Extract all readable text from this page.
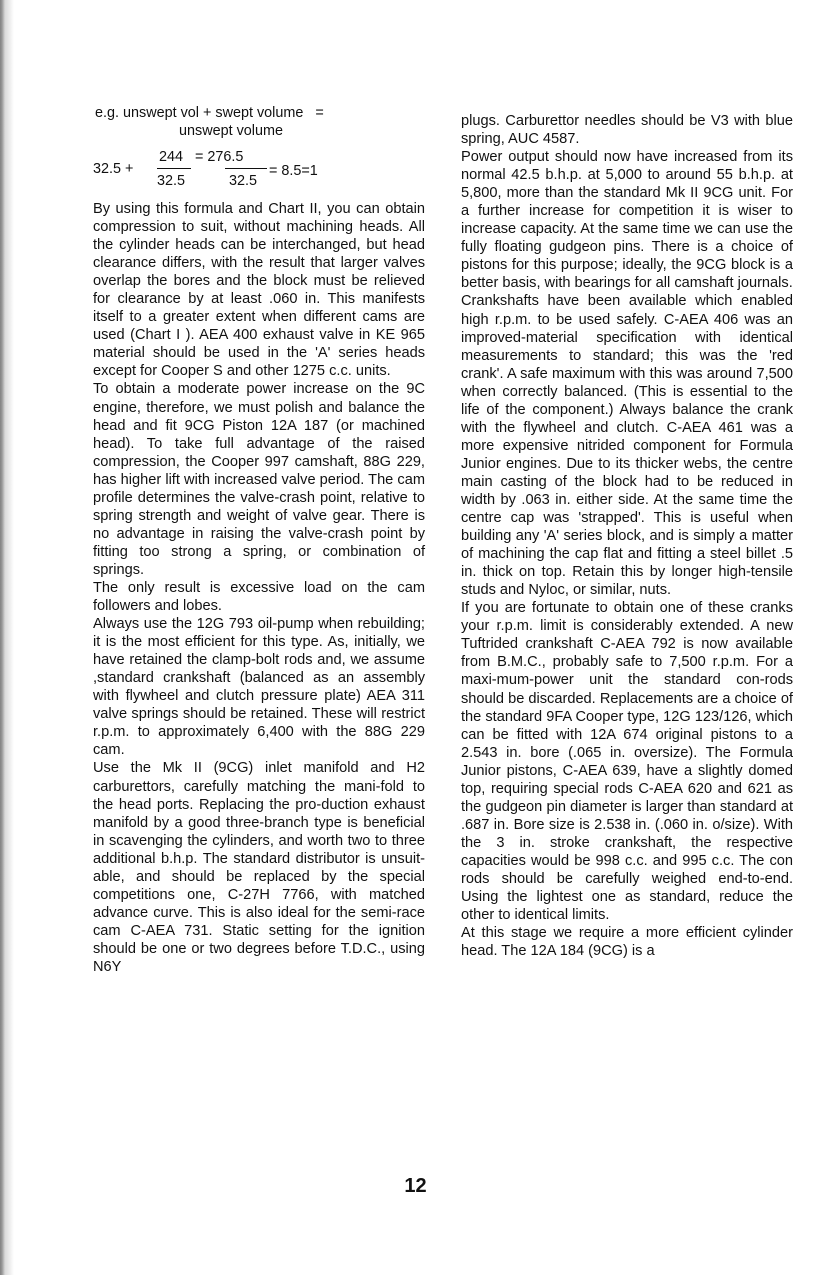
e.g. unswept vol + swept volume =
unswept volume
32.5 +
244 = 276.5
32.5	32.5
= 8.5=1

By using this formula and Chart II, you can obtain compression to suit, without machining heads. All the cylinder heads can be interchanged, but head clearance differs, with the result that larger valves overlap the bores and the block must be relieved for clearance by at least .060 in. This manifests itself to a greater extent when different cams are used (Chart I ). AEA 400 exhaust valve in KE 965 material should be used in the 'A' series heads except for Cooper S and other 1275 c.c. units.

To obtain a moderate power increase on the 9C engine, therefore, we must polish and balance the head and fit 9CG Piston 12A 187 (or machined head). To take full advantage of the raised compression, the Cooper 997 camshaft, 88G 229, has higher lift with increased valve period. The cam profile determines the valve-crash point, relative to spring strength and weight of valve gear. There is no advantage in raising the valve-crash point by fitting too strong a spring, or combination of springs.

The only result is excessive load on the cam followers and lobes.

Always use the 12G 793 oil-pump when rebuilding; it is the most efficient for this type. As, initially, we have retained the clamp-bolt rods and, we assume ,standard crankshaft (balanced as an assembly with flywheel and clutch pressure plate) AEA 311 valve springs should be retained. These will restrict r.p.m. to approximately 6,400 with the 88G 229 cam.

Use the Mk II (9CG) inlet manifold and H2 carburettors, carefully matching the mani-fold to the head ports. Replacing the pro-duction exhaust manifold by a good three-branch type is beneficial in scavenging the cylinders, and worth two to three additional b.h.p. The standard distributor is unsuit-able, and should be replaced by the special competitions one, C-27H 7766, with matched advance curve. This is also ideal for the semi-race cam C-AEA 731. Static setting for the ignition should be one or two degrees before T.D.C., using N6Y

plugs. Carburettor needles should be V3 with blue spring, AUC 4587.

Power output should now have increased from its normal 42.5 b.h.p. at 5,000 to around 55 b.h.p. at 5,800, more than the standard Mk II 9CG unit. For a further increase for competition it is wiser to increase capacity. At the same time we can use the fully floating gudgeon pins. There is a choice of pistons for this purpose; ideally, the 9CG block is a better basis, with bearings for all camshaft journals.

Crankshafts have been available which enabled high r.p.m. to be used safely. C-AEA 406 was an improved-material specification with identical measurements to standard; this was the 'red crank'. A safe maximum with this was around 7,500 when correctly balanced. (This is essential to the life of the component.) Always balance the crank with the flywheel and clutch. C-AEA 461 was a more expensive nitrided component for Formula Junior engines. Due to its thicker webs, the centre main casting of the block had to be reduced in width by .063 in. either side. At the same time the centre cap was 'strapped'. This is useful when building any 'A' series block, and is simply a matter of machining the cap flat and fitting a steel billet .5 in. thick on top. Retain this by longer high-tensile studs and Nyloc, or similar, nuts.

If you are fortunate to obtain one of these cranks your r.p.m. limit is considerably extended. A new Tuftrided crankshaft C-AEA 792 is now available from B.M.C., probably safe to 7,500 r.p.m. For a maxi-mum-power unit the standard con-rods should be discarded. Replacements are a choice of the standard 9FA Cooper type, 12G 123/126, which can be fitted with 12A 674 original pistons to a 2.543 in. bore (.065 in. oversize). The Formula Junior pistons, C-AEA 639, have a slightly domed top, requiring special rods C-AEA 620 and 621 as the gudgeon pin diameter is larger than standard at .687 in. Bore size is 2.538 in. (.060 in. o/size). With the 3 in. stroke crankshaft, the respective capacities would be 998 c.c. and 995 c.c. The con rods should be carefully weighed end-to-end. Using the lightest one as standard, reduce the other to identical limits.

At this stage we require a more efficient cylinder head. The 12A 184 (9CG) is a

12
